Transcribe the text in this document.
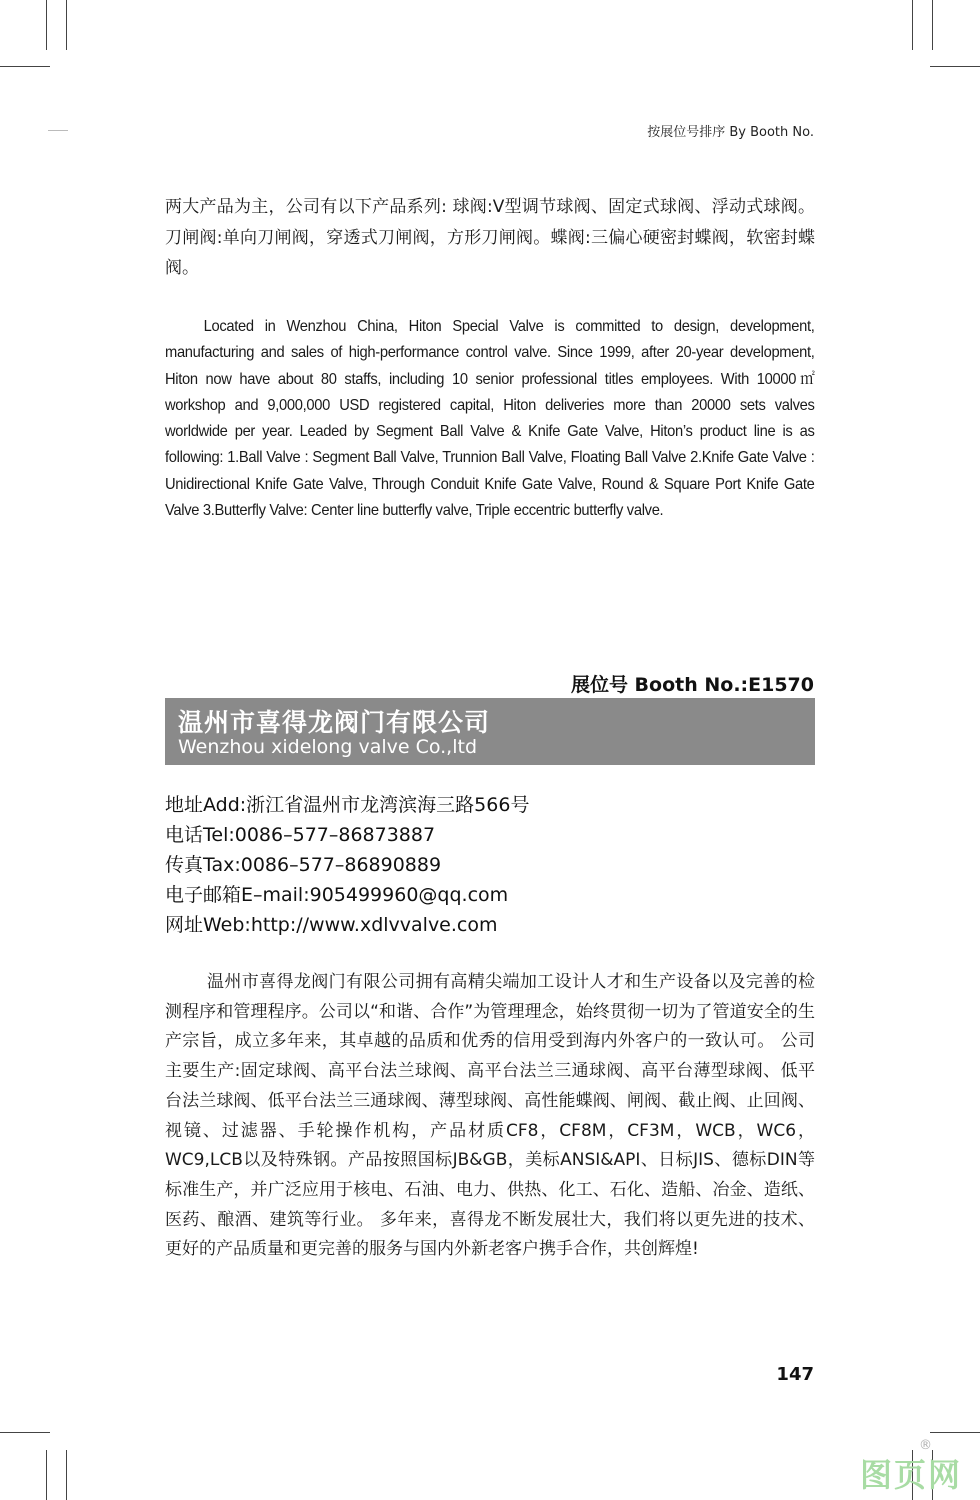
按展位号排序 By Booth No.

两大产品为主，公司有以下产品系列: 球阀:V型调节球阀、固定式球阀、浮动式球阀。刀闸阀:单向刀闸阀，穿透式刀闸阀，方形刀闸阀。蝶阀:三偏心硬密封蝶阀，软密封蝶阀。

Located in Wenzhou China, Hiton Special Valve is committed to design, development, manufacturing and sales of high-performance control valve. Since 1999, after 20-year development, Hiton now have about 80 staffs, including 10 senior professional titles employees. With 10000㎡ workshop and 9,000,000 USD registered capital, Hiton deliveries more than 20000 sets valves worldwide per year. Leaded by Segment Ball Valve & Knife Gate Valve, Hiton’s product line is as following: 1.Ball Valve : Segment Ball Valve, Trunnion Ball Valve, Floating Ball Valve 2.Knife Gate Valve : Unidirectional Knife Gate Valve, Through Conduit Knife Gate Valve, Round & Square Port Knife Gate Valve 3.Butterfly Valve: Center line butterfly valve, Triple eccentric butterfly valve.

展位号 Booth No.:E1570
温州市喜得龙阀门有限公司
Wenzhou xidelong valve Co.,ltd
地址Add:浙江省温州市龙湾滨海三路566号
电话Tel:0086–577–86873887
传真Tax:0086–577–86890889
电子邮箱E–mail:905499960@qq.com
网址Web:http://www.xdlvvalve.com

温州市喜得龙阀门有限公司拥有高精尖端加工设计人才和生产设备以及完善的检测程序和管理程序。公司以“和谐、合作”为管理理念，始终贯彻一切为了管道安全的生产宗旨，成立多年来，其卓越的品质和优秀的信用受到海内外客户的一致认可。 公司主要生产:固定球阀、高平台法兰球阀、高平台法兰三通球阀、高平台薄型球阀、低平台法兰球阀、低平台法兰三通球阀、薄型球阀、高性能蝶阀、闸阀、截止阀、止回阀、视镜、过滤器、手轮操作机构，产品材质CF8，CF8M，CF3M，WCB，WC6，WC9,LCB以及特殊钢。产品按照国标JB&GB，美标ANSI&API、日标JIS、德标DIN等标准生产，并广泛应用于核电、石油、电力、供热、化工、石化、造船、冶金、造纸、医药、酿酒、建筑等行业。 多年来，喜得龙不断发展壮大，我们将以更先进的技术、更好的产品质量和更完善的服务与国内外新老客户携手合作，共创辉煌!

147
®
图页网
